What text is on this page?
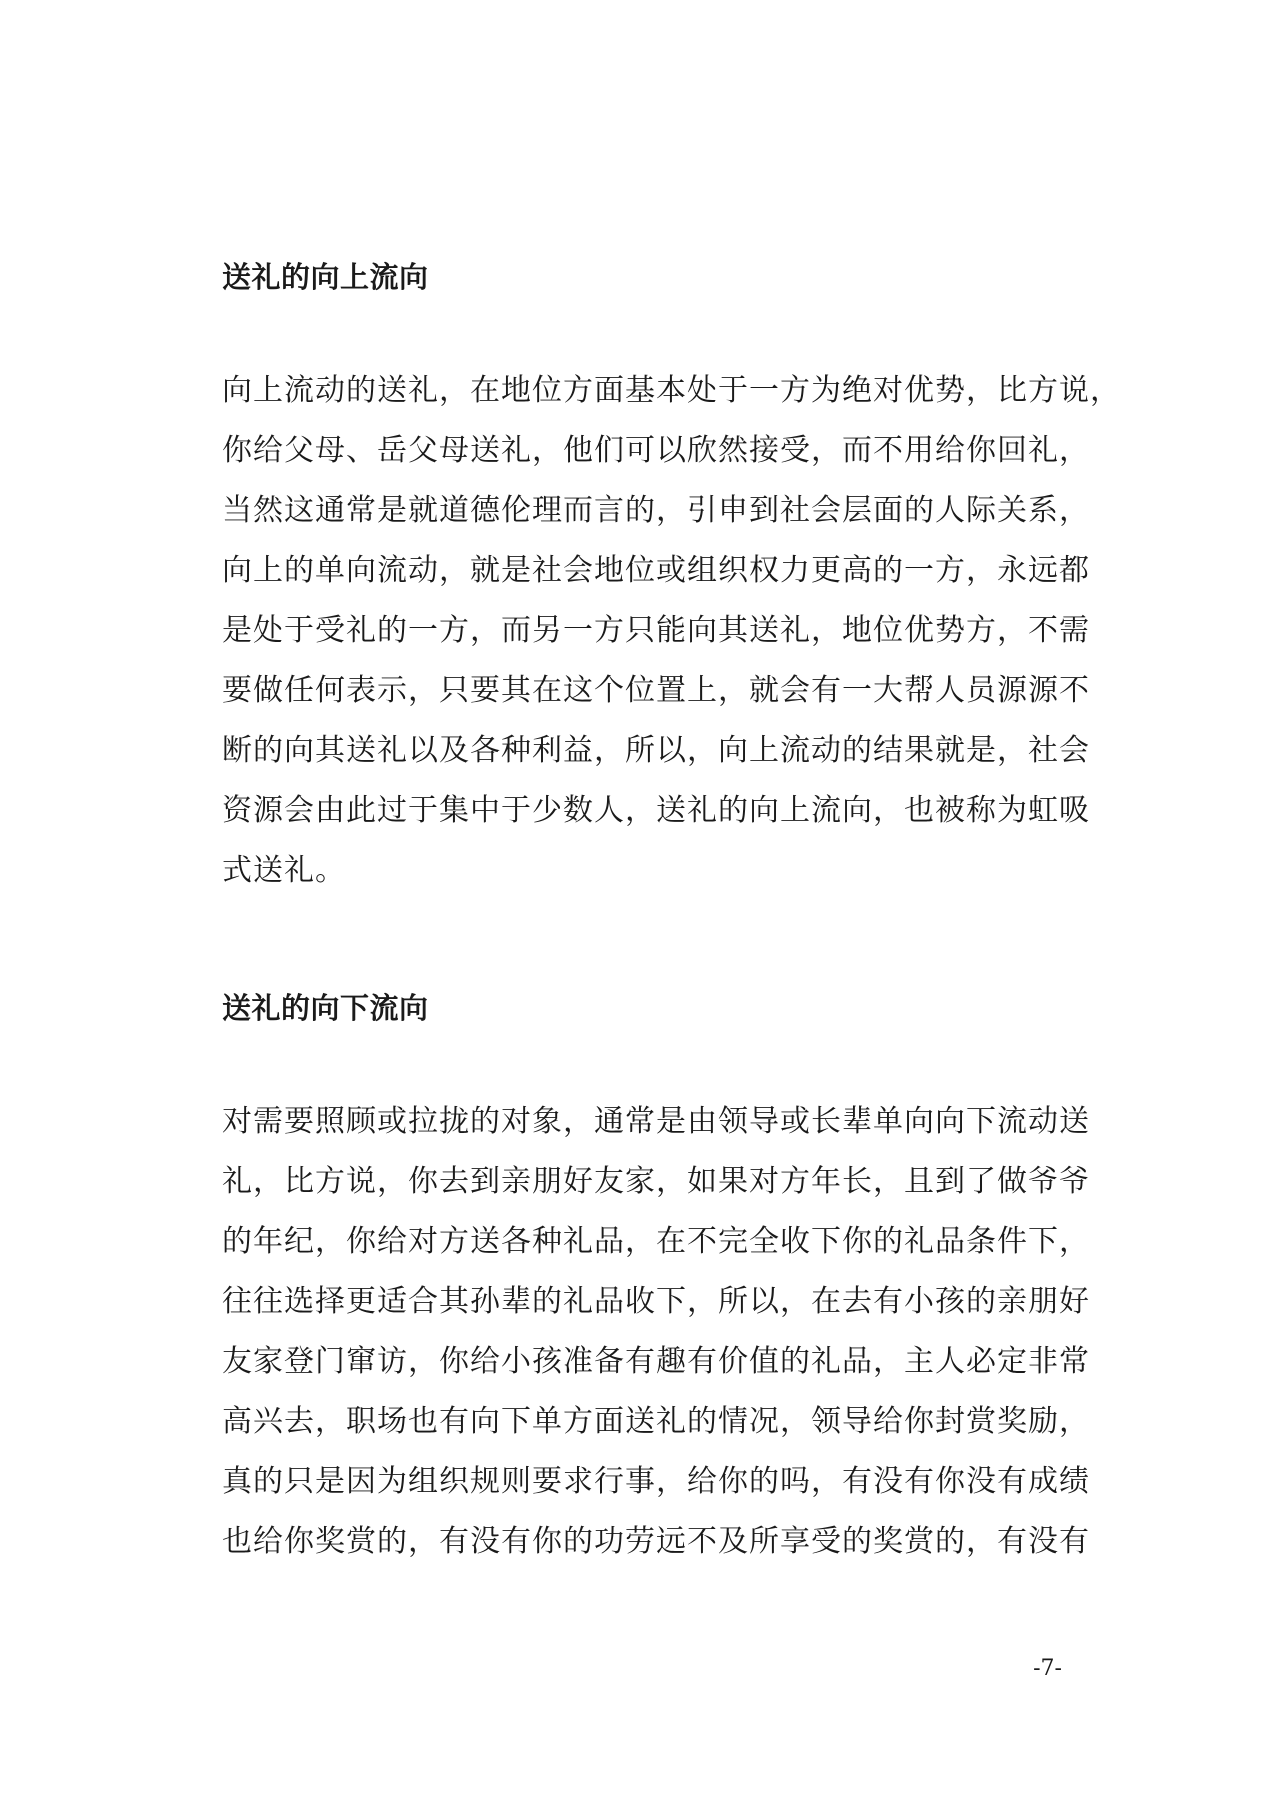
送礼的向上流向

向上流动的送礼，在地位方面基本处于一方为绝对优势，比方说，

你给父母、岳父母送礼，他们可以欣然接受，而不用给你回礼，

当然这通常是就道德伦理而言的，引申到社会层面的人际关系，

向上的单向流动，就是社会地位或组织权力更高的一方，永远都

是处于受礼的一方，而另一方只能向其送礼，地位优势方，不需

要做任何表示，只要其在这个位置上，就会有一大帮人员源源不

断的向其送礼以及各种利益，所以，向上流动的结果就是，社会

资源会由此过于集中于少数人，送礼的向上流向，也被称为虹吸

式送礼。

送礼的向下流向

对需要照顾或拉拢的对象，通常是由领导或长辈单向向下流动送

礼，比方说，你去到亲朋好友家，如果对方年长，且到了做爷爷

的年纪，你给对方送各种礼品，在不完全收下你的礼品条件下，

往往选择更适合其孙辈的礼品收下，所以，在去有小孩的亲朋好

友家登门窜访，你给小孩准备有趣有价值的礼品，主人必定非常

高兴去，职场也有向下单方面送礼的情况，领导给你封赏奖励，

真的只是因为组织规则要求行事，给你的吗，有没有你没有成绩

也给你奖赏的，有没有你的功劳远不及所享受的奖赏的，有没有

-7-
